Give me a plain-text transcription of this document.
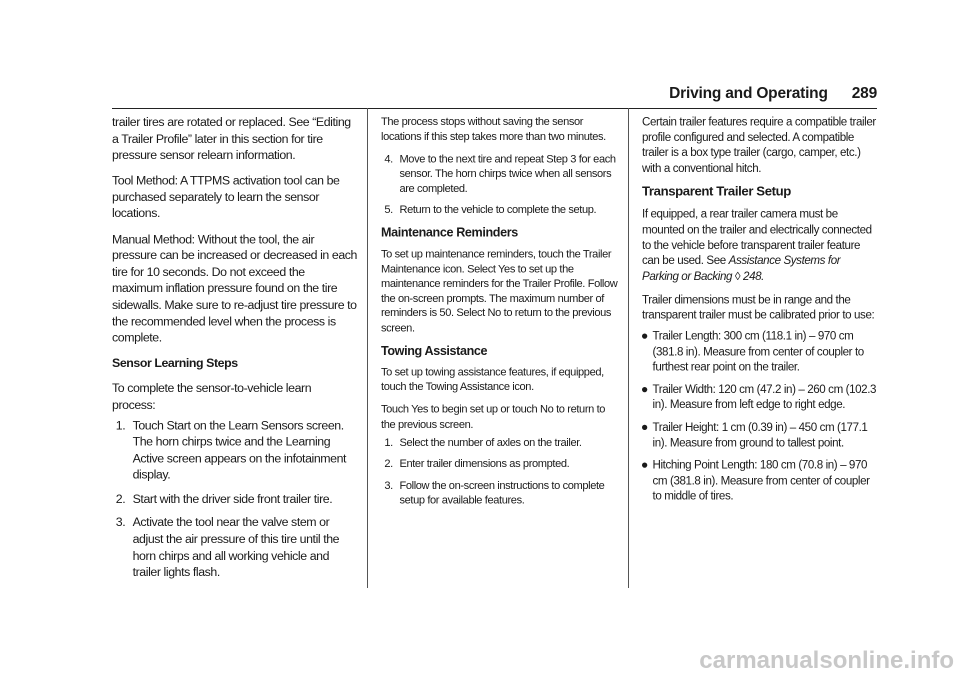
Driving and Operating 289

trailer tires are rotated or replaced. See “Editing a Trailer Profile” later in this section for tire pressure sensor relearn information.

Tool Method: A TTPMS activation tool can be purchased separately to learn the sensor locations.

Manual Method: Without the tool, the air pressure can be increased or decreased in each tire for 10 seconds. Do not exceed the maximum inflation pressure found on the tire sidewalls. Make sure to re-adjust tire pressure to the recommended level when the process is complete.

Sensor Learning Steps

To complete the sensor-to-vehicle learn process:

1. Touch Start on the Learn Sensors screen. The horn chirps twice and the Learning Active screen appears on the infotainment display.
2. Start with the driver side front trailer tire.
3. Activate the tool near the valve stem or adjust the air pressure of this tire until the horn chirps and all working vehicle and trailer lights flash.

The process stops without saving the sensor locations if this step takes more than two minutes.

4. Move to the next tire and repeat Step 3 for each sensor. The horn chirps twice when all sensors are completed.
5. Return to the vehicle to complete the setup.
Maintenance Reminders

To set up maintenance reminders, touch the Trailer Maintenance icon. Select Yes to set up the maintenance reminders for the Trailer Profile. Follow the on-screen prompts. The maximum number of reminders is 50. Select No to return to the previous screen.

Towing Assistance

To set up towing assistance features, if equipped, touch the Towing Assistance icon.

Touch Yes to begin set up or touch No to return to the previous screen.

1. Select the number of axles on the trailer.
2. Enter trailer dimensions as prompted.
3. Follow the on-screen instructions to complete setup for available features.

Certain trailer features require a compatible trailer profile configured and selected. A compatible trailer is a box type trailer (cargo, camper, etc.) with a conventional hitch.

Transparent Trailer Setup

If equipped, a rear trailer camera must be mounted on the trailer and electrically connected to the vehicle before transparent trailer feature can be used. See Assistance Systems for Parking or Backing ◊ 248.

Trailer dimensions must be in range and the transparent trailer must be calibrated prior to use:

Trailer Length: 300 cm (118.1 in) – 970 cm (381.8 in). Measure from center of coupler to furthest rear point on the trailer.
Trailer Width: 120 cm (47.2 in) – 260 cm (102.3 in). Measure from left edge to right edge.
Trailer Height: 1 cm (0.39 in) – 450 cm (177.1 in). Measure from ground to tallest point.
Hitching Point Length: 180 cm (70.8 in) – 970 cm (381.8 in). Measure from center of coupler to middle of tires.
carmanualsonline.info
